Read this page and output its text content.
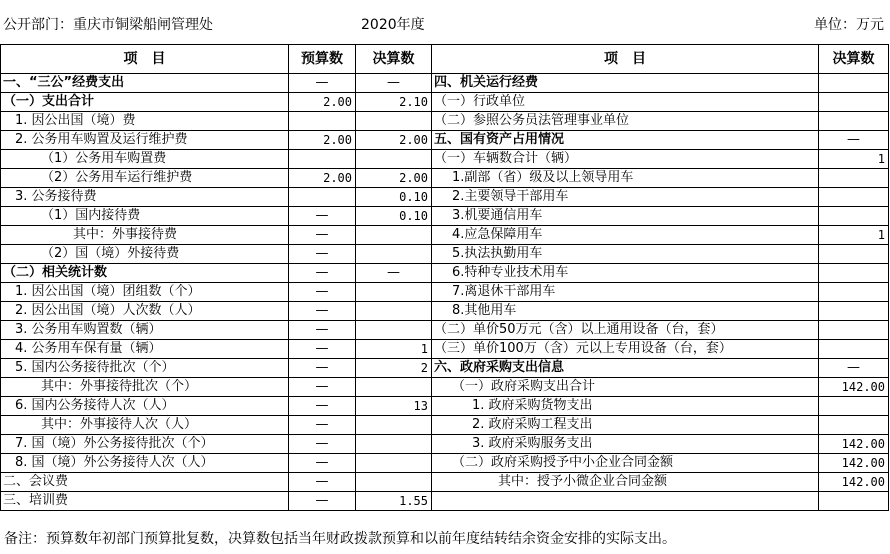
公开部门：重庆市铜梁船闸管理处	2020年度	单位：万元
项　目	预算数	决算数	项　目	决算数
一、“三公”经费支出	—	—	四、机关运行经费	
（一）支出合计	2.00	2.10	（一）行政单位	
1. 因公出国（境）费			（二）参照公务员法管理事业单位	
2. 公务用车购置及运行维护费	2.00	2.00	五、国有资产占用情况	—
（1）公务用车购置费			（一）车辆数合计（辆）	1
（2）公务用车运行维护费	2.00	2.00	1.副部（省）级及以上领导用车	
3. 公务接待费		0.10	2.主要领导干部用车	
（1）国内接待费	—	0.10	3.机要通信用车	
其中：外事接待费	—		4.应急保障用车	1
（2）国（境）外接待费	—		5.执法执勤用车	
（二）相关统计数	—	—	6.特种专业技术用车	
1. 因公出国（境）团组数（个）	—		7.离退休干部用车	
2. 因公出国（境）人次数（人）	—		8.其他用车	
3. 公务用车购置数（辆）	—		（二）单价50万元（含）以上通用设备（台，套）	
4. 公务用车保有量（辆）	—	1	（三）单价100万（含）元以上专用设备（台，套）	
5. 国内公务接待批次（个）	—	2	六、政府采购支出信息	—
其中：外事接待批次（个）	—		（一）政府采购支出合计	142.00
6. 国内公务接待人次（人）	—	13	1. 政府采购货物支出	
其中：外事接待人次（人）	—		2. 政府采购工程支出	
7. 国（境）外公务接待批次（个）	—		3. 政府采购服务支出	142.00
8. 国（境）外公务接待人次（人）	—		（二）政府采购授予中小企业合同金额	142.00
二、会议费	—		其中：授予小微企业合同金额	142.00
三、培训费	—	1.55		
备注：预算数年初部门预算批复数，决算数包括当年财政拨款预算和以前年度结转结余资金安排的实际支出。
